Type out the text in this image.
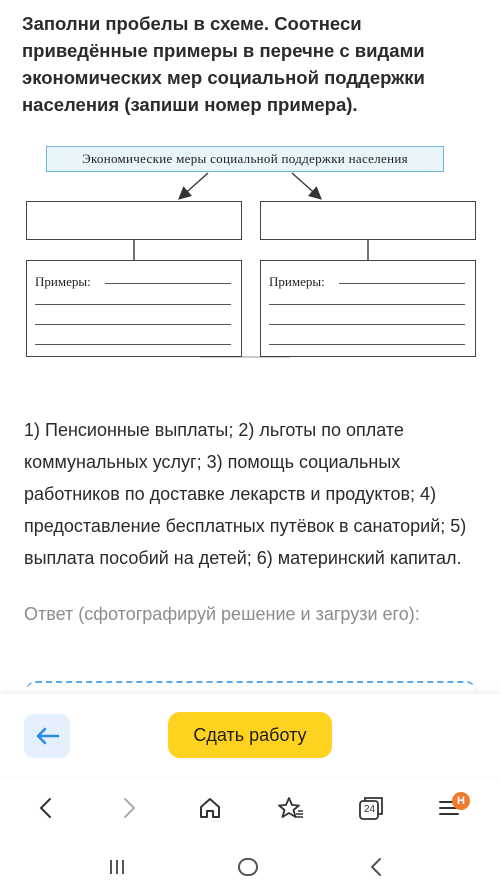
Заполни пробелы в схеме. Соотнеси приведённые примеры в перечне с видами экономических мер социальной поддержки населения (запиши номер примера).
Экономические меры социальной поддержки населения
Примеры:	Примеры:
1) Пенсионные выплаты; 2) льготы по оплате коммунальных услуг; 3) помощь социальных работников по доставке лекарств и продуктов; 4) предоставление бесплатных путёвок в санаторий; 5) выплата пособий на детей; 6) материнский капитал.
Ответ (сфотографируй решение и загрузи его):
Сдать работу
24
H
